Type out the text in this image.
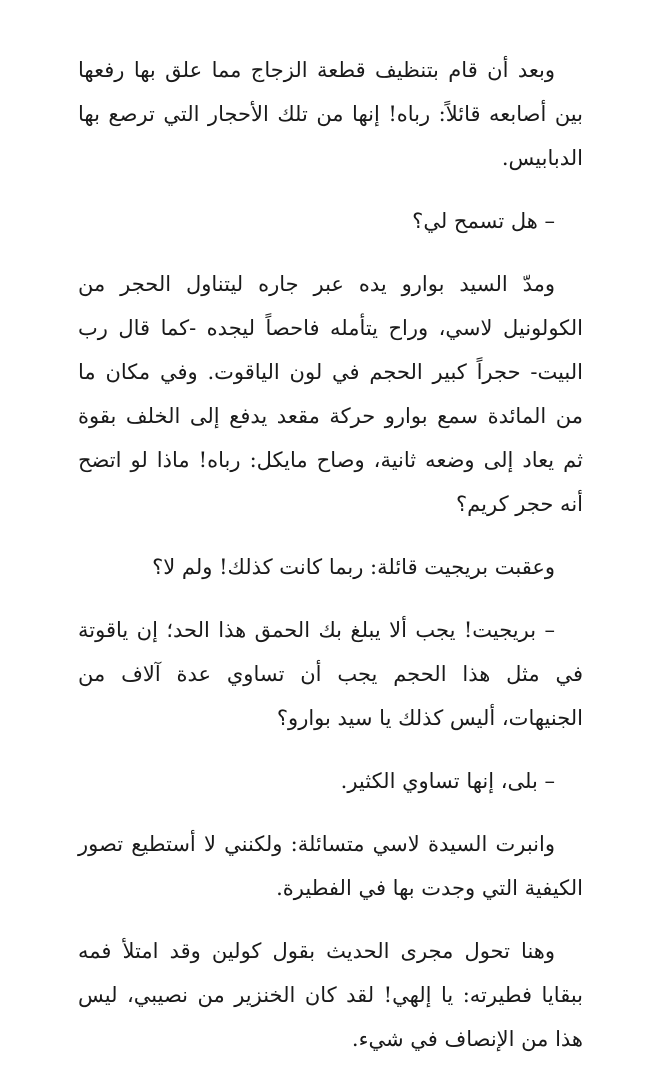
وبعد أن قام بتنظيف قطعة الزجاج مما علق بها رفعها بين أصابعه قائلاً: رباه! إنها من تلك الأحجار التي ترصع بها الدبابيس.

– هل تسمح لي؟

ومدّ السيد بوارو يده عبر جاره ليتناول الحجر من الكولونيل لاسي، وراح يتأمله فاحصاً ليجده -كما قال رب البيت- حجراً كبير الحجم في لون الياقوت. وفي مكان ما من المائدة سمع بوارو حركة مقعد يدفع إلى الخلف بقوة ثم يعاد إلى وضعه ثانية، وصاح مايكل: رباه! ماذا لو اتضح أنه حجر كريم؟

وعقبت بريجيت قائلة: ربما كانت كذلك! ولم لا؟

– بريجيت! يجب ألا يبلغ بك الحمق هذا الحد؛ إن ياقوتة في مثل هذا الحجم يجب أن تساوي عدة آلاف من الجنيهات، أليس كذلك يا سيد بوارو؟

– بلى، إنها تساوي الكثير.

وانبرت السيدة لاسي متسائلة: ولكنني لا أستطيع تصور الكيفية التي وجدت بها في الفطيرة.

وهنا تحول مجرى الحديث بقول كولين وقد امتلأ فمه ببقايا فطيرته: يا إلهي! لقد كان الخنزير من نصيبي، ليس هذا من الإنصاف في شيء.
